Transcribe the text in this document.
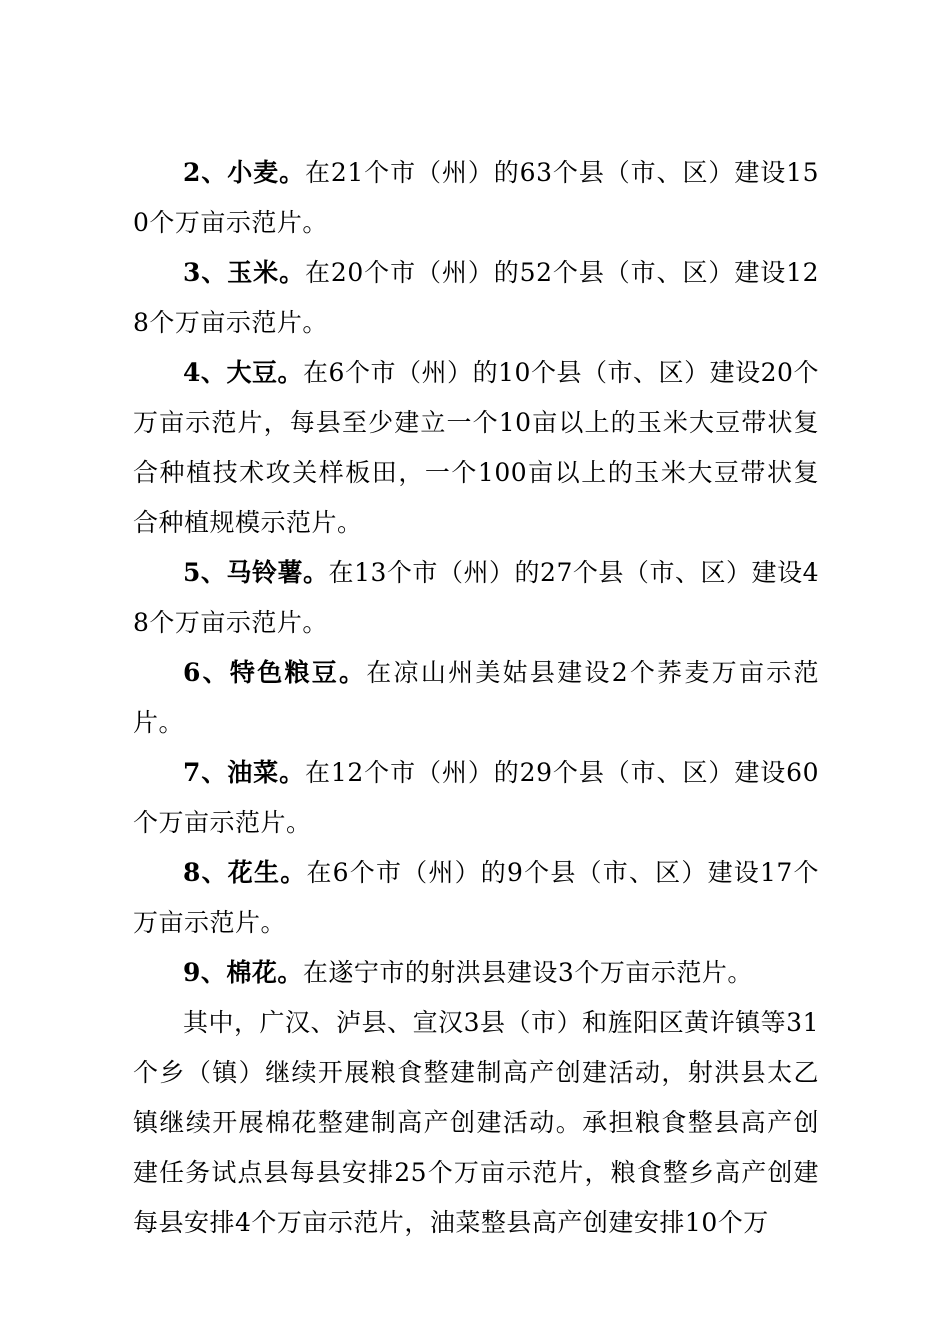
2、小麦。在21个市（州）的63个县（市、区）建设150个万亩示范片。

3、玉米。在20个市（州）的52个县（市、区）建设128个万亩示范片。

4、大豆。在6个市（州）的10个县（市、区）建设20个万亩示范片，每县至少建立一个10亩以上的玉米大豆带状复合种植技术攻关样板田，一个100亩以上的玉米大豆带状复合种植规模示范片。

5、马铃薯。在13个市（州）的27个县（市、区）建设48个万亩示范片。

6、特色粮豆。在凉山州美姑县建设2个荞麦万亩示范片。

7、油菜。在12个市（州）的29个县（市、区）建设60个万亩示范片。

8、花生。在6个市（州）的9个县（市、区）建设17个万亩示范片。

9、棉花。在遂宁市的射洪县建设3个万亩示范片。

其中，广汉、泸县、宣汉3县（市）和旌阳区黄许镇等31个乡（镇）继续开展粮食整建制高产创建活动，射洪县太乙镇继续开展棉花整建制高产创建活动。承担粮食整县高产创建任务试点县每县安排25个万亩示范片，粮食整乡高产创建每县安排4个万亩示范片，油菜整县高产创建安排10个万
